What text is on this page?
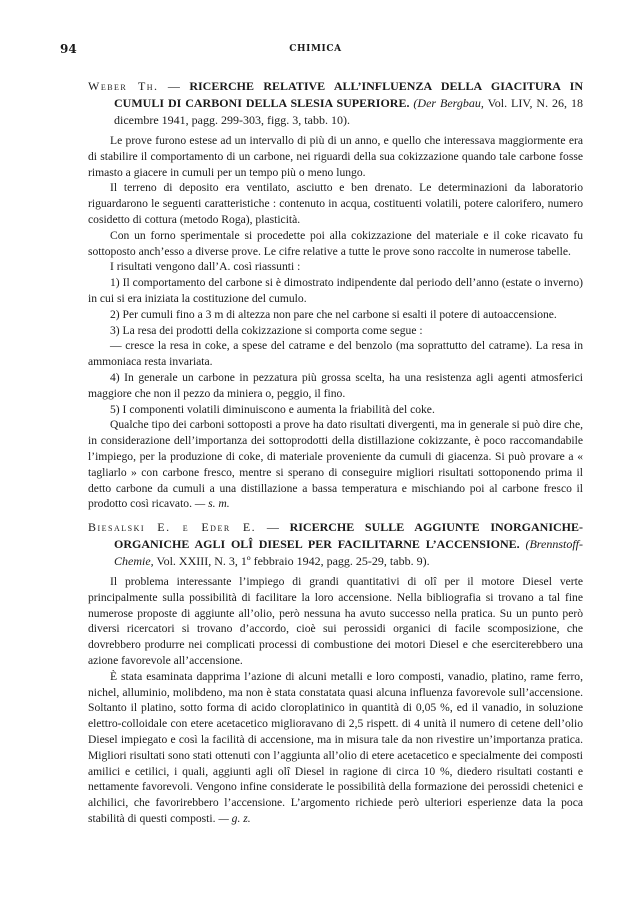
94	CHIMICA

Weber Th. — RICERCHE RELATIVE ALL’INFLUENZA DELLA GIACITURA IN CUMULI DI CARBONI DELLA SLESIA SUPERIORE. (Der Bergbau, Vol. LIV, N. 26, 18 dicembre 1941, pagg. 299-303, figg. 3, tabb. 10).

Le prove furono estese ad un intervallo di più di un anno, e quello che interessava maggiormente era di stabilire il comportamento di un carbone, nei riguardi della sua cokizzazione quando tale carbone fosse rimasto a giacere in cumuli per un tempo più o meno lungo.

Il terreno di deposito era ventilato, asciutto e ben drenato. Le determinazioni da laboratorio riguardarono le seguenti caratteristiche : contenuto in acqua, costituenti volatili, potere calorifero, numero cosidetto di cottura (metodo Roga), plasticità.

Con un forno sperimentale si procedette poi alla cokizzazione del materiale e il coke ricavato fu sottoposto anch’esso a diverse prove. Le cifre relative a tutte le prove sono raccolte in numerose tabelle.

I risultati vengono dall’A. così riassunti :

1) Il comportamento del carbone si è dimostrato indipendente dal periodo dell’anno (estate o inverno) in cui si era iniziata la costituzione del cumulo.

2) Per cumuli fino a 3 m di altezza non pare che nel carbone si esalti il potere di autoaccensione.

3) La resa dei prodotti della cokizzazione si comporta come segue :

— cresce la resa in coke, a spese del catrame e del benzolo (ma soprattutto del catrame). La resa in ammoniaca resta invariata.

4) In generale un carbone in pezzatura più grossa scelta, ha una resistenza agli agenti atmosferici maggiore che non il pezzo da miniera o, peggio, il fino.

5) I componenti volatili diminuiscono e aumenta la friabilità del coke.

Qualche tipo dei carboni sottoposti a prove ha dato risultati divergenti, ma in generale si può dire che, in considerazione dell’importanza dei sottoprodotti della distillazione cokizzante, è poco raccomandabile l’impiego, per la produzione di coke, di materiale proveniente da cumuli di giacenza. Si può provare a « tagliarlo » con carbone fresco, mentre si sperano di conseguire migliori risultati sottoponendo prima il detto carbone da cumuli a una distillazione a bassa temperatura e mischiando poi al carbone fresco il prodotto così ricavato. — s. m.

Biesalski E. e Eder E. — RICERCHE SULLE AGGIUNTE INORGANICHE-ORGANICHE AGLI OLÎ DIESEL PER FACILITARNE L’ACCENSIONE. (Brennstoff-Chemie, Vol. XXIII, N. 3, 1º febbraio 1942, pagg. 25-29, tabb. 9).

Il problema interessante l’impiego di grandi quantitativi di olî per il motore Diesel verte principalmente sulla possibilità di facilitare la loro accensione. Nella bibliografia si trovano a tal fine numerose proposte di aggiunte all’olio, però nessuna ha avuto successo nella pratica. Su un punto però diversi ricercatori si trovano d’accordo, cioè sui perossidi organici di facile scomposizione, che dovrebbero produrre nei complicati processi di combustione dei motori Diesel e che eserciterebbero una azione favorevole all’accensione.

È stata esaminata dapprima l’azione di alcuni metalli e loro composti, vanadio, platino, rame ferro, nichel, alluminio, molibdeno, ma non è stata constatata quasi alcuna influenza favorevole sull’accensione. Soltanto il platino, sotto forma di acido cloroplatinico in quantità di 0,05 %, ed il vanadio, in soluzione elettro-colloidale con etere acetacetico miglioravano di 2,5 rispett. di 4 unità il numero di cetene dell’olio Diesel impiegato e così la facilità di accensione, ma in misura tale da non rivestire un’importanza pratica. Migliori risultati sono stati ottenuti con l’aggiunta all’olio di etere acetacetico e specialmente dei composti amilici e cetilici, i quali, aggiunti agli olî Diesel in ragione di circa 10 %, diedero risultati costanti e nettamente favorevoli. Vengono infine considerate le possibilità della formazione dei perossidi chetenici e alchilici, che favorirebbero l’accensione. L’argomento richiede però ulteriori esperienze data la poca stabilità di questi composti. — g. z.
